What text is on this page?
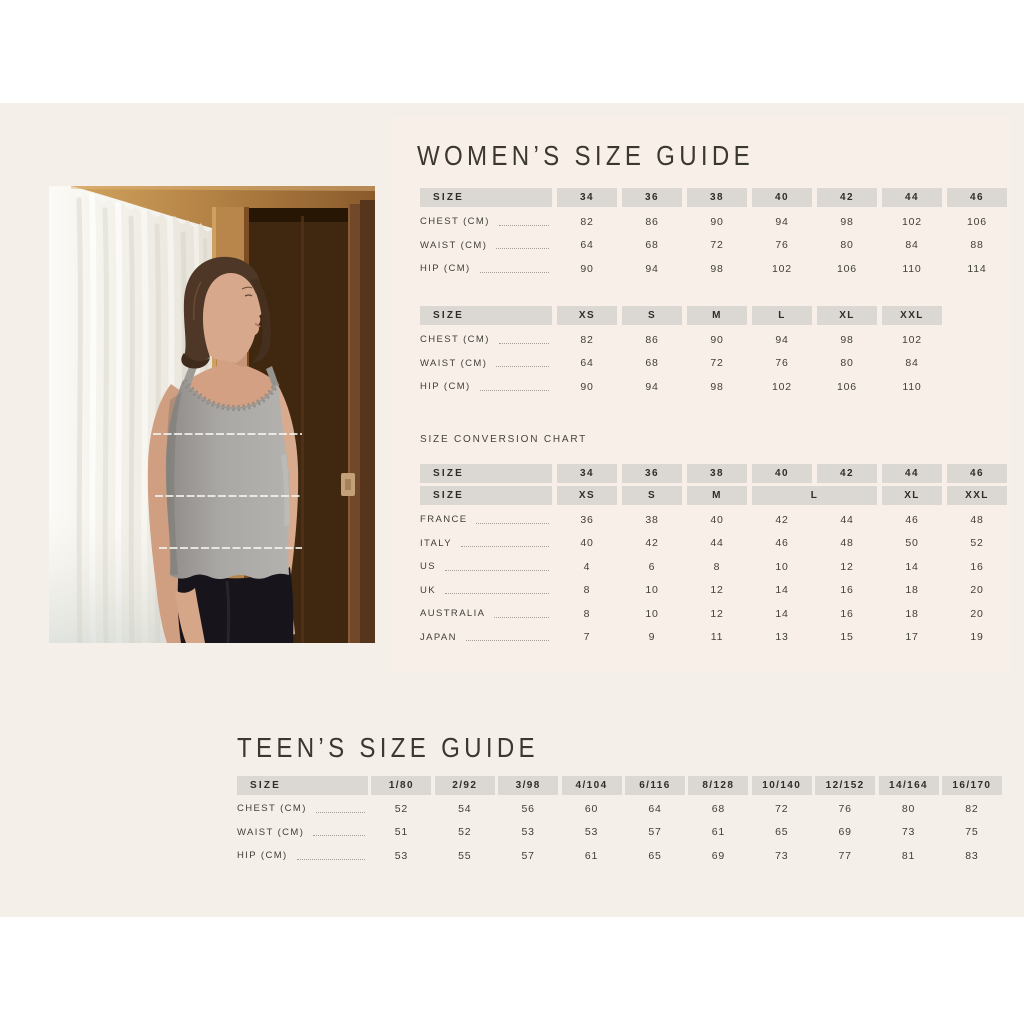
WOMEN’S SIZE GUIDE
SIZE	34	36	38	40	42	44	46
CHEST (CM)	82	86	90	94	98	102	106
WAIST (CM)	64	68	72	76	80	84	88
HIP (CM)	90	94	98	102	106	110	114
SIZE	XS	S	M	L	XL	XXL
CHEST (CM)	82	86	90	94	98	102
WAIST (CM)	64	68	72	76	80	84
HIP (CM)	90	94	98	102	106	110
SIZE CONVERSION CHART
SIZE	34	36	38	40	42	44	46
SIZE	XS	S	M	L	XL	XXL
FRANCE	36	38	40	42	44	46	48
ITALY	40	42	44	46	48	50	52
US	4	6	8	10	12	14	16
UK	8	10	12	14	16	18	20
AUSTRALIA	8	10	12	14	16	18	20
JAPAN	7	9	11	13	15	17	19
TEEN’S SIZE GUIDE
SIZE	1/80	2/92	3/98	4/104	6/116	8/128	10/140	12/152	14/164	16/170
CHEST (CM)	52	54	56	60	64	68	72	76	80	82
WAIST (CM)	51	52	53	53	57	61	65	69	73	75
HIP (CM)	53	55	57	61	65	69	73	77	81	83
